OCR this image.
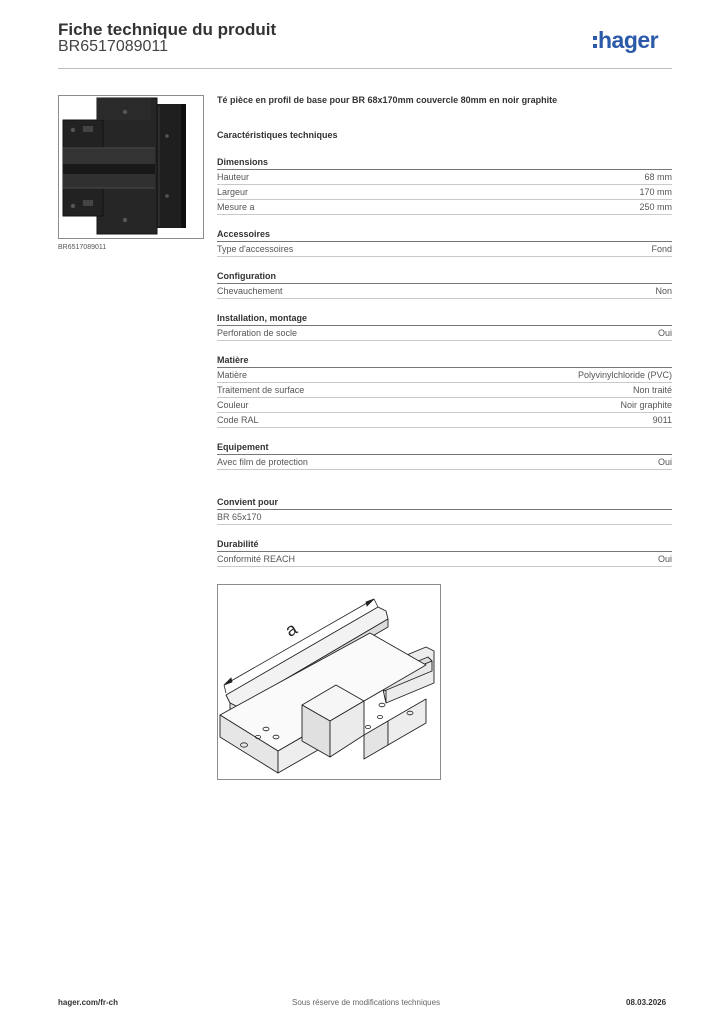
Fiche technique du produit
BR6517089011	hager
BR6517089011
Té pièce en profil de base pour BR 68x170mm couvercle 80mm en noir graphite
Caractéristiques techniques
Dimensions
Hauteur	68 mm
Largeur	170 mm
Mesure a	250 mm
Accessoires
Type d'accessoires	Fond
Configuration
Chevauchement	Non
Installation, montage
Perforation de socle	Oui
Matière
Matière	Polyvinylchloride (PVC)
Traitement de surface	Non traité
Couleur	Noir graphite
Code RAL	9011
Equipement
Avec film de protection	Oui
Convient pour
BR 65x170
Durabilité
Conformité REACH	Oui
a
hager.com/fr-ch	Sous réserve de modifications techniques	08.03.2026
